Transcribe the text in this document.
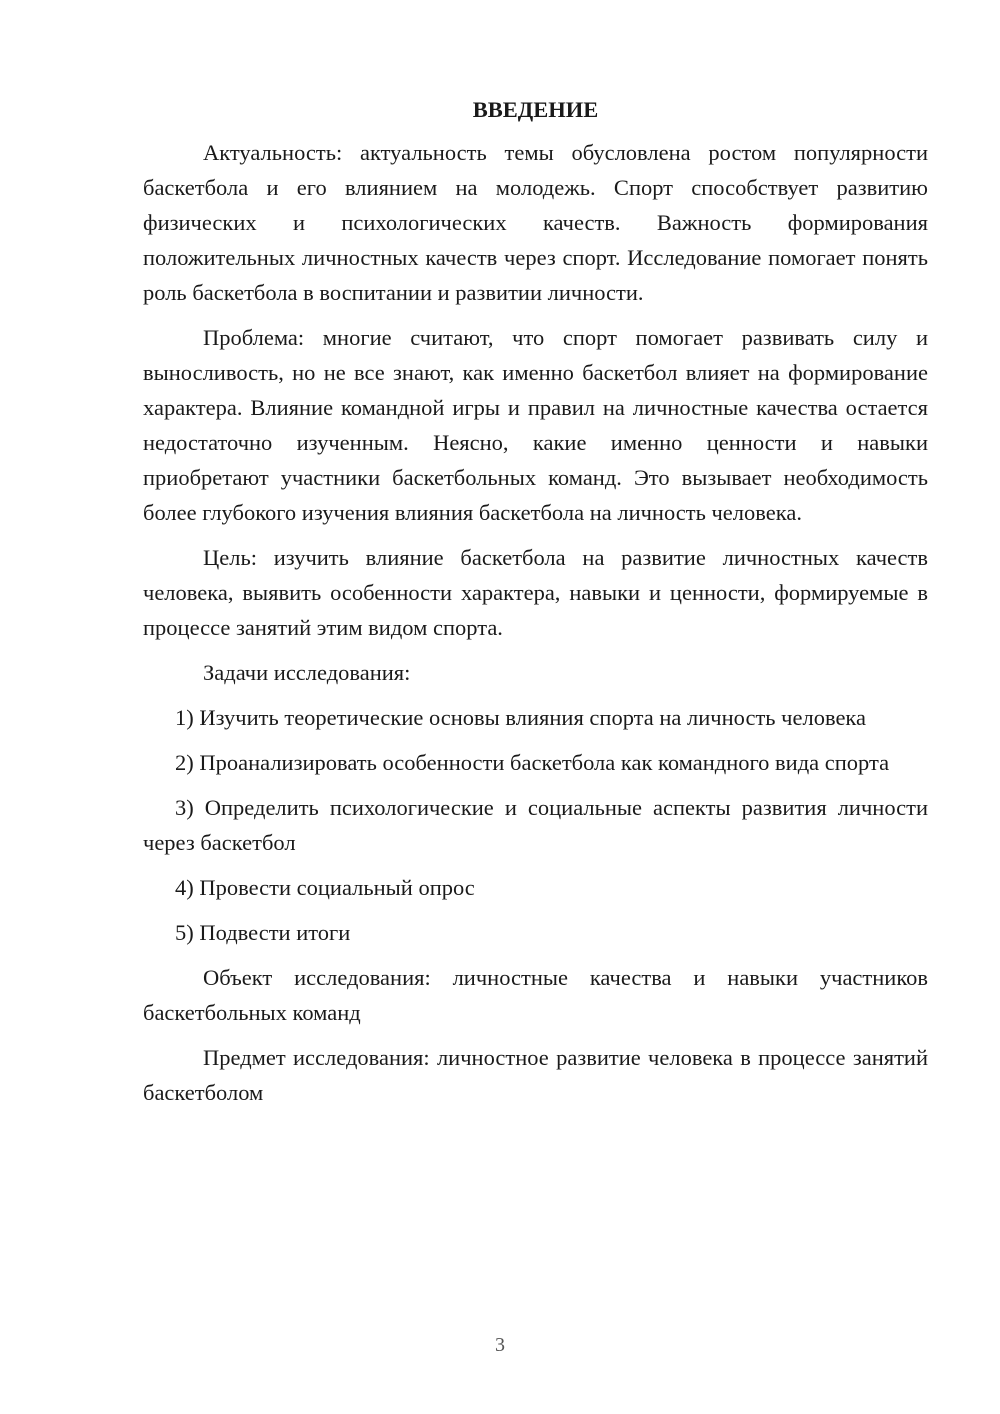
ВВЕДЕНИЕ

Актуальность: актуальность темы обусловлена ростом популярности баскетбола и его влиянием на молодежь. Спорт способствует развитию физических и психологических качеств. Важность формирования положительных личностных качеств через спорт. Исследование помогает понять роль баскетбола в воспитании и развитии личности.

Проблема: многие считают, что спорт помогает развивать силу и выносливость, но не все знают, как именно баскетбол влияет на формирование характера. Влияние командной игры и правил на личностные качества остается недостаточно изученным. Неясно, какие именно ценности и навыки приобретают участники баскетбольных команд. Это вызывает необходимость более глубокого изучения влияния баскетбола на личность человека.

Цель: изучить влияние баскетбола на развитие личностных качеств человека, выявить особенности характера, навыки и ценности, формируемые в процессе занятий этим видом спорта.

Задачи исследования:

1) Изучить теоретические основы влияния спорта на личность человека

2) Проанализировать особенности баскетбола как командного вида спорта

3) Определить психологические и социальные аспекты развития личности через баскетбол

4) Провести социальный опрос

5) Подвести итоги

Объект исследования: личностные качества и навыки участников баскетбольных команд

Предмет исследования: личностное развитие человека в процессе занятий баскетболом

3
